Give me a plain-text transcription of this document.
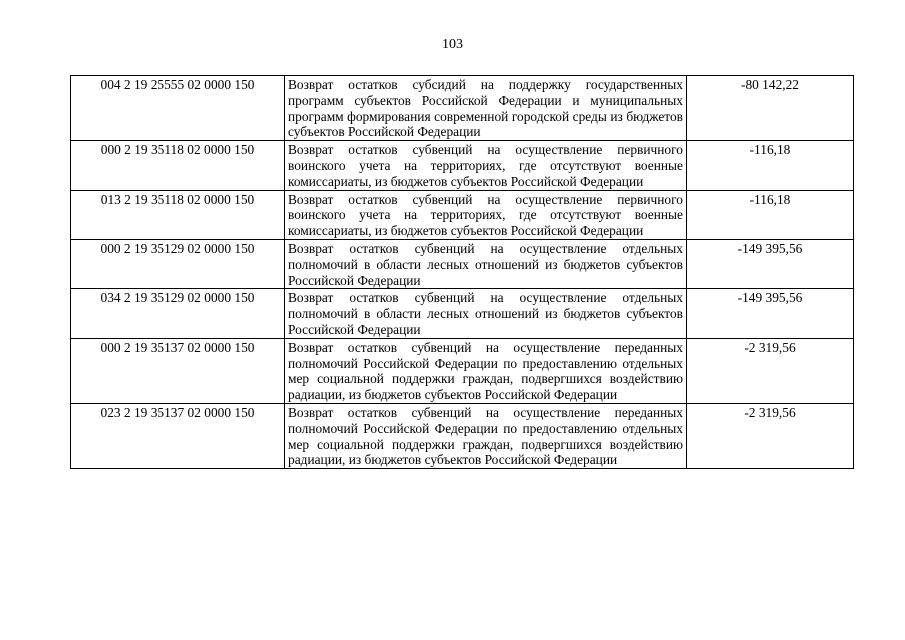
103
004 2 19 25555 02 0000 150	Возврат остатков субсидий на поддержку государственных программ субъектов Российской Федерации и муниципальных программ формирования современной городской среды из бюджетов субъектов Российской Федерации	-80 142,22
000 2 19 35118 02 0000 150	Возврат остатков субвенций на осуществление первичного воинского учета на территориях, где отсутствуют военные комиссариаты, из бюджетов субъектов Российской Федерации	-116,18
013 2 19 35118 02 0000 150	Возврат остатков субвенций на осуществление первичного воинского учета на территориях, где отсутствуют военные комиссариаты, из бюджетов субъектов Российской Федерации	-116,18
000 2 19 35129 02 0000 150	Возврат остатков субвенций на осуществление отдельных полномочий в области лесных отношений из бюджетов субъектов Российской Федерации	-149 395,56
034 2 19 35129 02 0000 150	Возврат остатков субвенций на осуществление отдельных полномочий в области лесных отношений из бюджетов субъектов Российской Федерации	-149 395,56
000 2 19 35137 02 0000 150	Возврат остатков субвенций на осуществление переданных полномочий Российской Федерации по предоставлению отдельных мер социальной поддержки граждан, подвергшихся воздействию радиации, из бюджетов субъектов Российской Федерации	-2 319,56
023 2 19 35137 02 0000 150	Возврат остатков субвенций на осуществление переданных полномочий Российской Федерации по предоставлению отдельных мер социальной поддержки граждан, подвергшихся воздействию радиации, из бюджетов субъектов Российской Федерации	-2 319,56
